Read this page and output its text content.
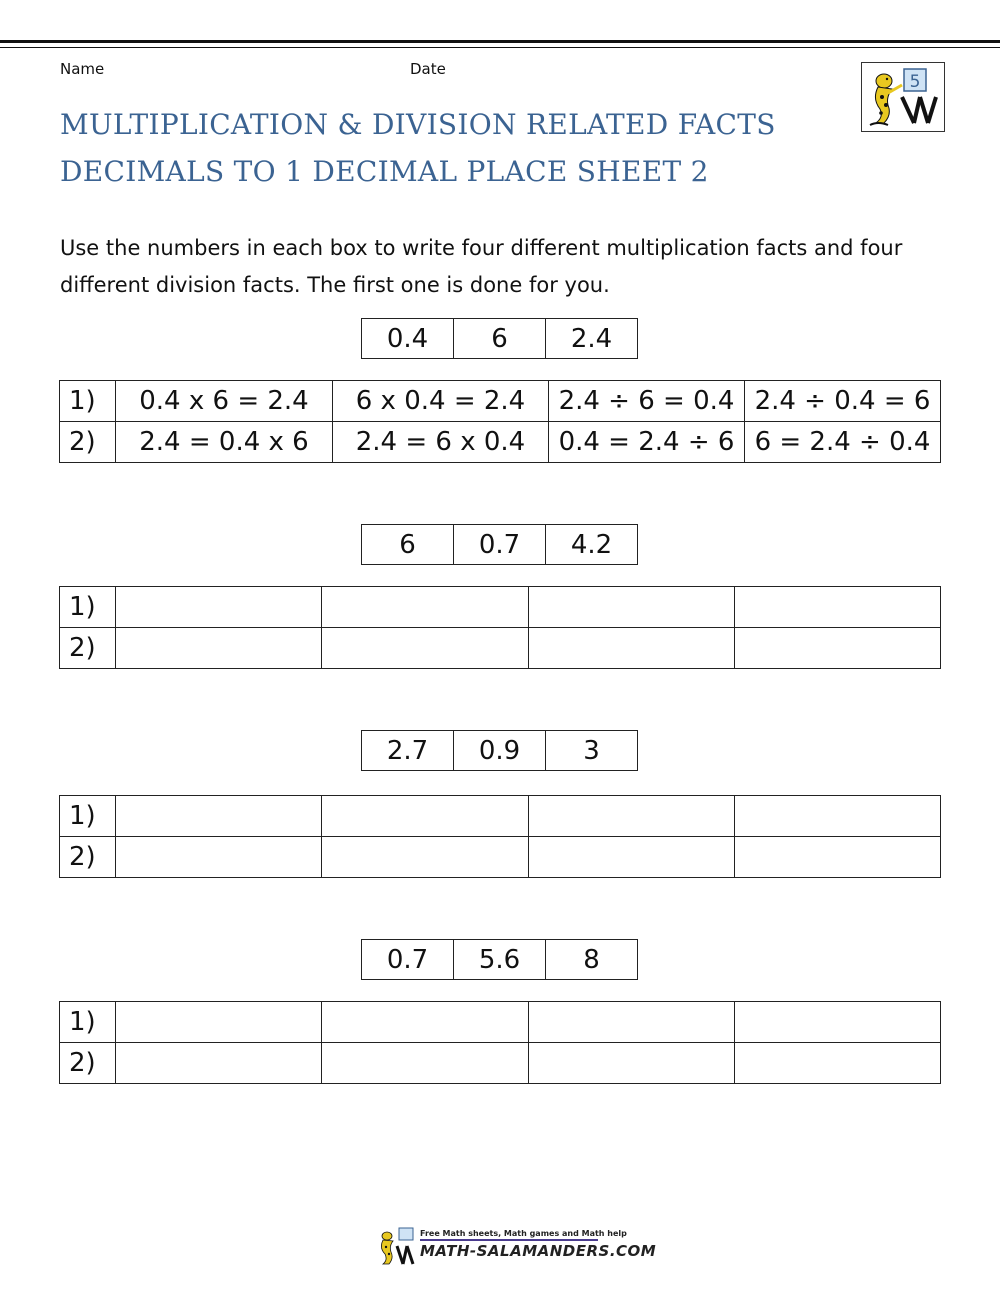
Name	Date
5
MULTIPLICATION & DIVISION RELATED FACTS
DECIMALS TO 1 DECIMAL PLACE SHEET 2
Use the numbers in each box to write four different multiplication facts and four different division facts. The first one is done for you.
0.4	6	2.4
1)	0.4 x 6 = 2.4	6 x 0.4 = 2.4	2.4 ÷ 6 = 0.4	2.4 ÷ 0.4 = 6
2)	2.4 = 0.4 x 6	2.4 = 6 x 0.4	0.4 = 2.4 ÷ 6	6 = 2.4 ÷ 0.4
6	0.7	4.2
1)				
2)				
2.7	0.9	3
1)				
2)				
0.7	5.6	8
1)				
2)				
Free Math sheets, Math games and Math help
MATH-SALAMANDERS.COM
